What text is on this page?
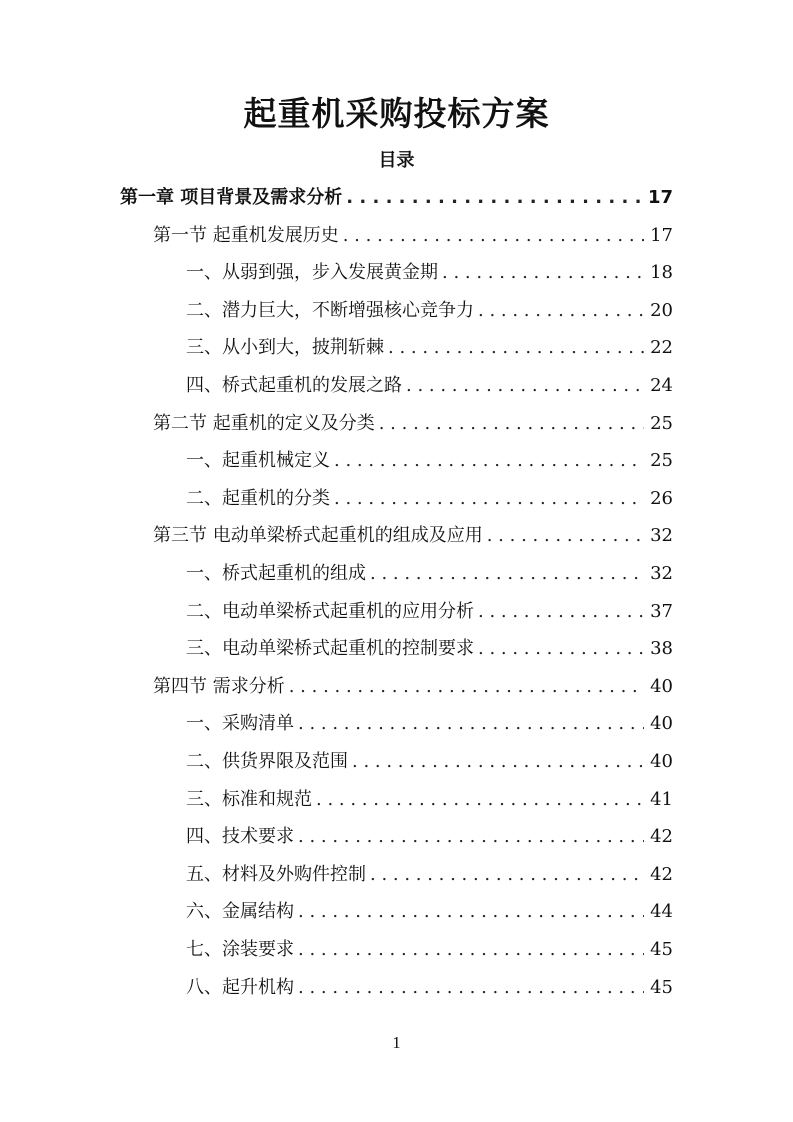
起重机采购投标方案
目录
第一章 项目背景及需求分析 . . .	17
第一节 起重机发展历史 . . .	17
一、从弱到强，步入发展黄金期 . . .	18
二、潜力巨大，不断增强核心竞争力 . . .	20
三、从小到大，披荆斩棘 . . .	22
四、桥式起重机的发展之路 . . .	24
第二节 起重机的定义及分类 . . .	25
一、起重机械定义 . . .	25
二、起重机的分类 . . .	26
第三节 电动单梁桥式起重机的组成及应用 . . .	32
一、桥式起重机的组成 . . .	32
二、电动单梁桥式起重机的应用分析 . . .	37
三、电动单梁桥式起重机的控制要求 . . .	38
第四节 需求分析 . . .	40
一、采购清单 . . .	40
二、供货界限及范围 . . .	40
三、标准和规范 . . .	41
四、技术要求 . . .	42
五、材料及外购件控制 . . .	42
六、金属结构 . . .	44
七、涂装要求 . . .	45
八、起升机构 . . .	45
1
